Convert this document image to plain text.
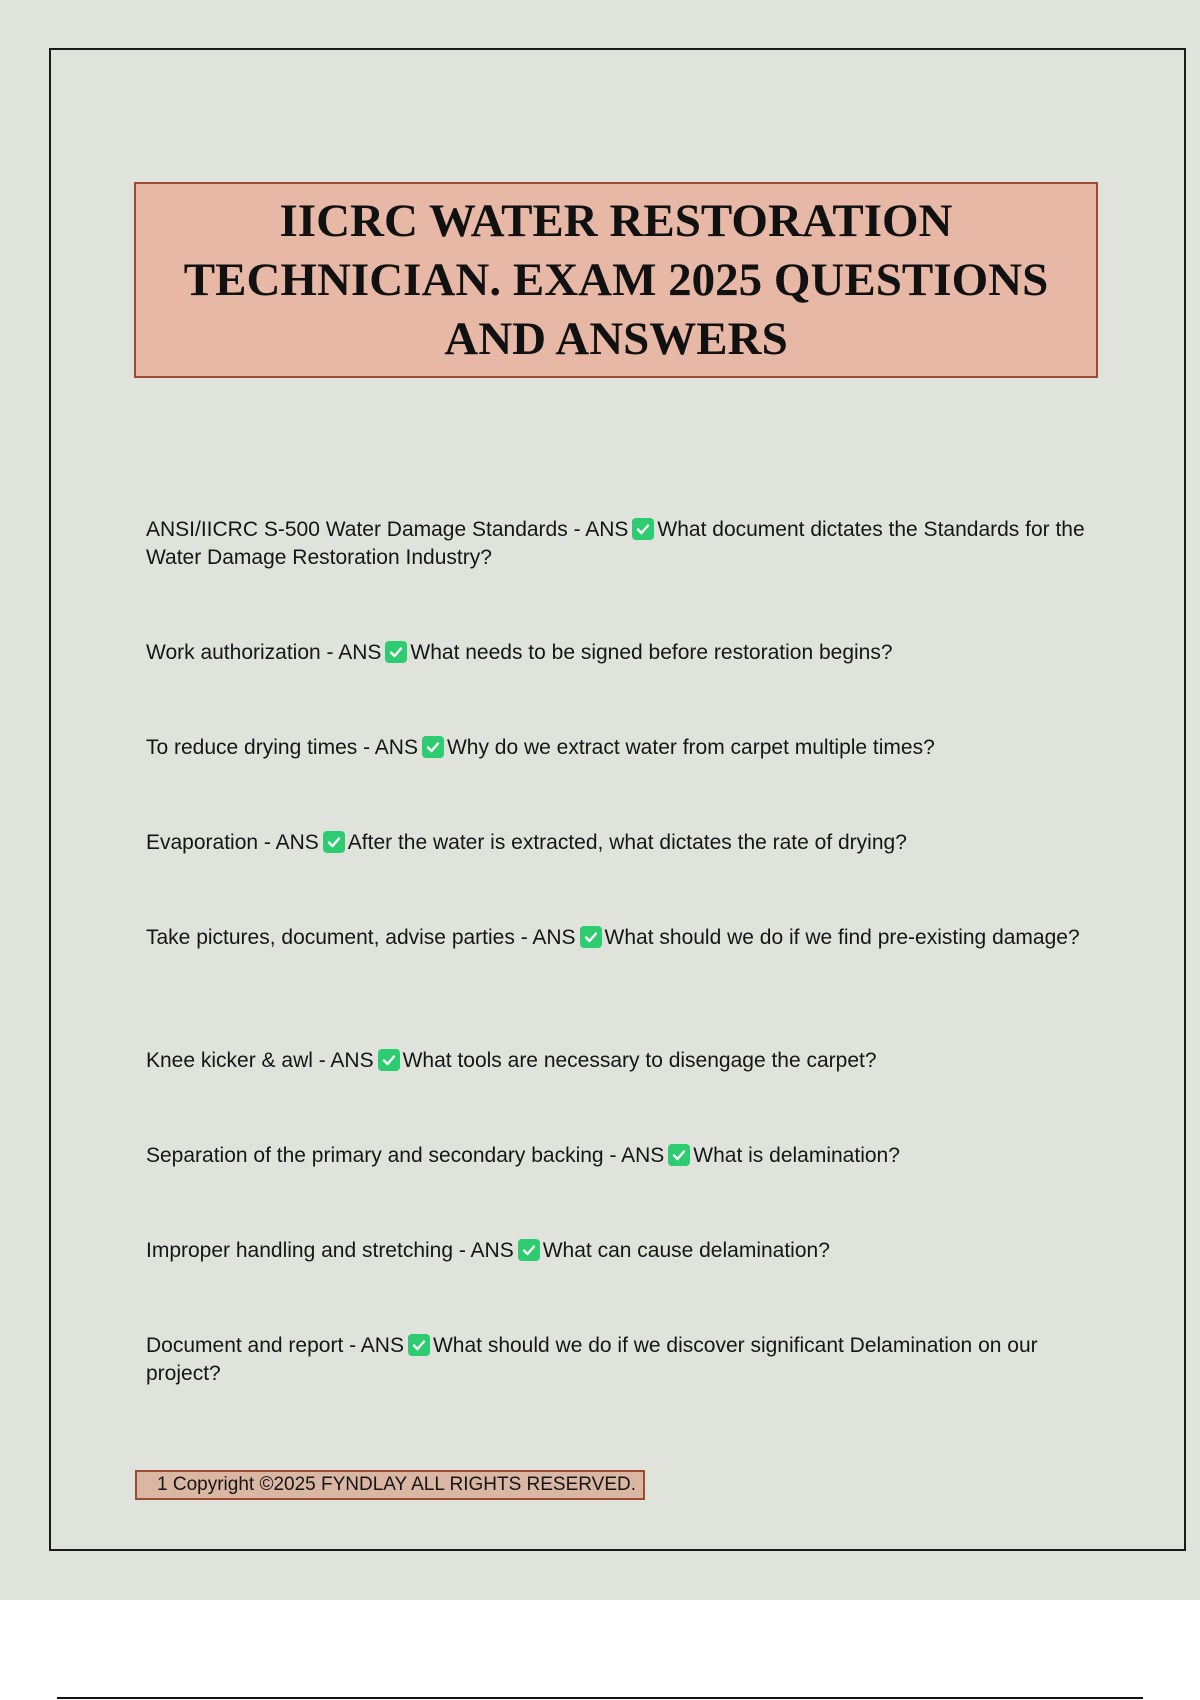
IICRC WATER RESTORATION TECHNICIAN. EXAM 2025 QUESTIONS AND ANSWERS
ANSI/IICRC S-500 Water Damage Standards - ANS What document dictates the Standards for the Water Damage Restoration Industry?
Work authorization - ANS What needs to be signed before restoration begins?
To reduce drying times - ANS Why do we extract water from carpet multiple times?
Evaporation - ANS After the water is extracted, what dictates the rate of drying?
Take pictures, document, advise parties - ANS What should we do if we find pre-existing damage?
Knee kicker & awl - ANS What tools are necessary to disengage the carpet?
Separation of the primary and secondary backing - ANS What is delamination?
Improper handling and stretching - ANS What can cause delamination?
Document and report - ANS What should we do if we discover significant Delamination on our project?
1 Copyright ©2025 FYNDLAY ALL RIGHTS RESERVED.
